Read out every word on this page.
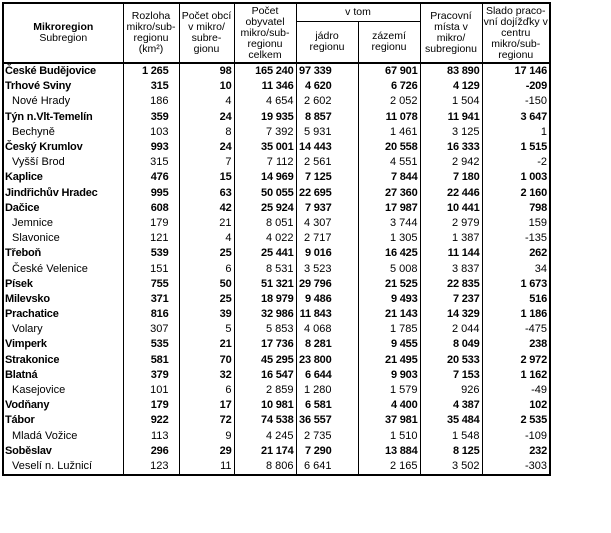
Mikroregion
Subregion	Rozloha mikro/sub-regionu (km²)	Počet obcí v mikro/ subre-gionu	Počet obyvatel mikro/sub-regionu celkem	v tom		Pracovní místa v mikro/ subregionu	Slado praco-vní dojížďky v centru mikro/sub-regionu
				jádro regionu	zázemí regionu		
České Budějovice	1 265	98	165 240	97 339	67 901	83 890	17 146
Trhové Sviny	315	10	11 346	4 620	6 726	4 129	-209
Nové Hrady	186	4	4 654	2 602	2 052	1 504	-150
Týn n.Vlt-Temelín	359	24	19 935	8 857	11 078	11 941	3 647
Bechyně	103	8	7 392	5 931	1 461	3 125	1
Český Krumlov	993	24	35 001	14 443	20 558	16 333	1 515
Vyšší Brod	315	7	7 112	2 561	4 551	2 942	-2
Kaplice	476	15	14 969	7 125	7 844	7 180	1 003
Jindřichův Hradec	995	63	50 055	22 695	27 360	22 446	2 160
Dačice	608	42	25 924	7 937	17 987	10 441	798
Jemnice	179	21	8 051	4 307	3 744	2 979	159
Slavonice	121	4	4 022	2 717	1 305	1 387	-135
Třeboň	539	25	25 441	9 016	16 425	11 144	262
České Velenice	151	6	8 531	3 523	5 008	3 837	34
Písek	755	50	51 321	29 796	21 525	22 835	1 673
Milevsko	371	25	18 979	9 486	9 493	7 237	516
Prachatice	816	39	32 986	11 843	21 143	14 329	1 186
Volary	307	5	5 853	4 068	1 785	2 044	-475
Vimperk	535	21	17 736	8 281	9 455	8 049	238
Strakonice	581	70	45 295	23 800	21 495	20 533	2 972
Blatná	379	32	16 547	6 644	9 903	7 153	1 162
Kasejovice	101	6	2 859	1 280	1 579	926	-49
Vodňany	179	17	10 981	6 581	4 400	4 387	102
Tábor	922	72	74 538	36 557	37 981	35 484	2 535
Mladá Vožice	113	9	4 245	2 735	1 510	1 548	-109
Soběslav	296	29	21 174	7 290	13 884	8 125	232
Veselí n. Lužnicí	123	11	8 806	6 641	2 165	3 502	-303
